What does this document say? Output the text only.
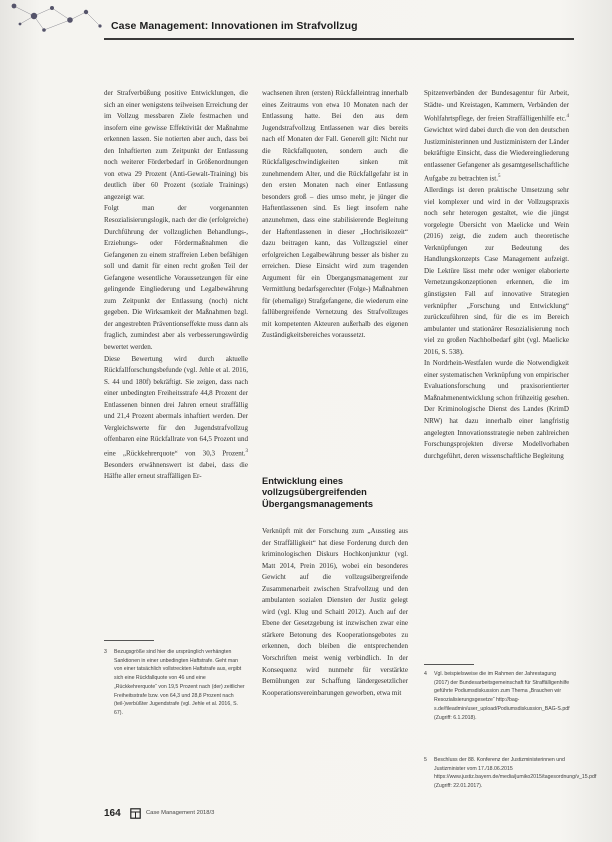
Case Management: Innovationen im Strafvollzug

der Strafverbüßung positive Entwicklungen, die sich an einer wenigstens teilweisen Erreichung der im Vollzug messbaren Ziele festmachen und insofern eine gewisse Effektivität der Maßnahme erkennen lassen. Sie notierten aber auch, dass bei den Inhaftierten zum Zeitpunkt der Entlassung noch weiterer Förderbedarf in Größenordnungen von etwa 29 Prozent (Anti-Gewalt-Training) bis deutlich über 60 Prozent (soziale Trainings) angezeigt war.

Folgt man der vorgenannten Resozialisierungslogik, nach der die (erfolgreiche) Durchführung der vollzuglichen Behandlungs-, Erziehungs- oder Fördermaßnahmen die Gefangenen zu einem straffreien Leben befähigen soll und damit für einen recht großen Teil der Gefangene wesentliche Voraussetzungen für eine gelingende Eingliederung und Legalbewährung zum Zeitpunkt der Entlassung (noch) nicht gegeben. Die Wirksamkeit der Maßnahmen bzgl. der angestrebten Präventionseffekte muss dann als fraglich, zumindest aber als verbesserungswürdig bewertet werden.

Diese Bewertung wird durch aktuelle Rückfallforschungsbefunde (vgl. Jehle et al. 2016, S. 44 und 180f) bekräftigt. Sie zeigen, dass nach einer unbedingten Freiheitsstrafe 44,8 Prozent der Entlassenen binnen drei Jahren erneut straffällig und 21,4 Prozent abermals inhaftiert werden. Der Vergleichswerte für den Jugendstrafvollzug offenbaren eine Rückfallrate von 64,5 Prozent und eine „Rückkehrerquote“ von 30,3 Prozent.$^3$ Besonders erwähnenswert ist dabei, dass die Hälfte aller erneut straffälligen Er-

wachsenen ihren (ersten) Rückfalleintrag innerhalb eines Zeitraums von etwa 10 Monaten nach der Entlassung hatte. Bei den aus dem Jugendstrafvollzug Entlassenen war dies bereits nach elf Monaten der Fall. Generell gilt: Nicht nur die Rückfallquoten, sondern auch die Rückfallgeschwindigkeiten sinken mit zunehmendem Alter, und die Rückfallgefahr ist in den ersten Monaten nach einer Entlassung besonders groß – dies umso mehr, je jünger die Haftentlassenen sind. Es liegt insofern nahe anzunehmen, dass eine stabilisierende Begleitung der Haftentlassenen in dieser „Hochrisikozeit“ dazu beitragen kann, das Vollzugsziel einer erfolgreichen Legalbewährung besser als bisher zu erreichen. Diese Einsicht wird zum tragenden Argument für ein Übergangsmanagement zur Vermittlung bedarfsgerechter (Folge-) Maßnahmen für (ehemalige) Strafgefangene, die wiederum eine fallübergreifende Vernetzung des Strafvollzuges mit kompetenten Akteuren außerhalb des eigenen Zuständigkeitsbereiches voraussetzt.

Entwicklung eines vollzugsübergreifenden Übergangsmanagements

Verknüpft mit der Forschung zum „Ausstieg aus der Straffälligkeit“ hat diese Forderung durch den kriminologischen Diskurs Hochkonjunktur (vgl. Matt 2014, Prein 2016), wobei ein besonderes Gewicht auf die vollzugsübergreifende Zusammenarbeit zwischen Strafvollzug und den ambulanten sozialen Diensten der Justiz gelegt wird (vgl. Klug und Schaitl 2012). Auch auf der Ebene der Gesetzgebung ist inzwischen zwar eine stärkere Betonung des Kooperationsgebotes zu erkennen, doch bleiben die entsprechenden Vorschriften meist wenig verbindlich. In der Konsequenz wird nunmehr für verstärkte Bemühungen zur Schaffung ländergesetzlicher Kooperationsvereinbarungen geworben, etwa mit

Spitzenverbänden der Bundesagentur für Arbeit, Städte- und Kreistagen, Kammern, Verbänden der Wohlfahrtspflege, der freien Straffälligenhilfe etc.$^4$ Gewichtet wird dabei durch die von den deutschen Justizministerinnen und Justizministern der Länder bekräftigte Einsicht, dass die Wiedereingliederung entlassener Gefangener als gesamtgesellschaftliche Aufgabe zu betrachten ist.$^5$

Allerdings ist deren praktische Umsetzung sehr viel komplexer und wird in der Vollzugspraxis noch sehr heterogen gestaltet, wie die jüngst vorgelegte Übersicht von Maelicke und Wein (2016) zeigt, die zudem auch theoretische Verknüpfungen zur Bedeutung des Handlungskonzepts Case Management aufzeigt. Die Lektüre lässt mehr oder weniger elaborierte Vernetzungskonzeptionen erkennen, die im günstigsten Fall auf innovative Strategien verknüpfter „Forschung und Entwicklung“ zurückzuführen sind, für die es im Bereich ambulanter und stationärer Resozialisierung noch viel zu großen Nachholbedarf gibt (vgl. Maelicke 2016, S. 538).

In Nordrhein-Westfalen wurde die Notwendigkeit einer systematischen Verknüpfung von empirischer Evaluationsforschung und praxisorientierter Maßnahmenentwicklung schon frühzeitig gesehen. Der Kriminologische Dienst des Landes (KrimD NRW) hat dazu innerhalb einer langfristig angelegten Innovationsstrategie neben zahlreichen Forschungsprojekten diverse Modellvorhaben durchgeführt, deren wissenschaftliche Begleitung

3 Bezugsgröße sind hier die ursprünglich verhängten Sanktionen in einer unbedingten Haftstrafe. Geht man von einer tatsächlich vollstreckten Haftstrafe aus, ergibt sich eine Rückfallquote von 46 und eine „Rückkehrerquote“ von 19,5 Prozent nach (der) zeitlicher Freiheitsstrafe bzw. von 64,3 und 28,8 Prozent nach (teil-)verbüßter Jugendstrafe (vgl. Jehle et al. 2016, S. 67).
4 Vgl. beispielsweise die im Rahmen der Jahrestagung (2017) der Bundesarbeitsgemeinschaft für Straffälligenhilfe geführte Podiumsdiskussion zum Thema „Brauchen wir Resozialisierungsgesetze“ http://bag-s.de/fileadmin/user_upload/Podiumsdiskussion_BAG-S.pdf (Zugriff: 6.1.2018).
5 Beschluss der 88. Konferenz der Justizministerinnen und Justizminister vom 17./18.06.2015 https://www.justiz.bayern.de/media/jumiko2015/tagesordnung/v_15.pdf (Zugriff: 22.01.2017).
164	Case Management 2018/3
